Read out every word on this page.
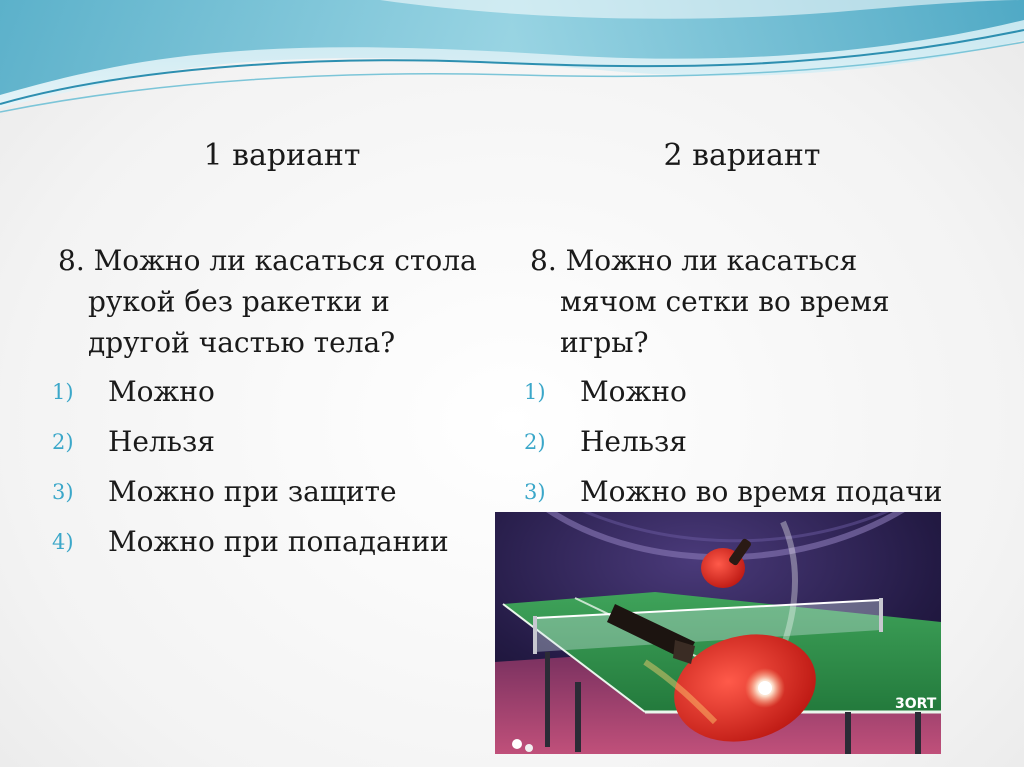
1 вариант	2 вариант
8. Можно ли касаться стола
рукой без ракетки и
другой частью тела?
8. Можно ли касаться
мячом сетки во время
игры?
1) Можно
2) Нельзя
3) Можно при защите
4) Можно при попадании
1) Можно
2) Нельзя
3) Можно во время подачи
3ORT
